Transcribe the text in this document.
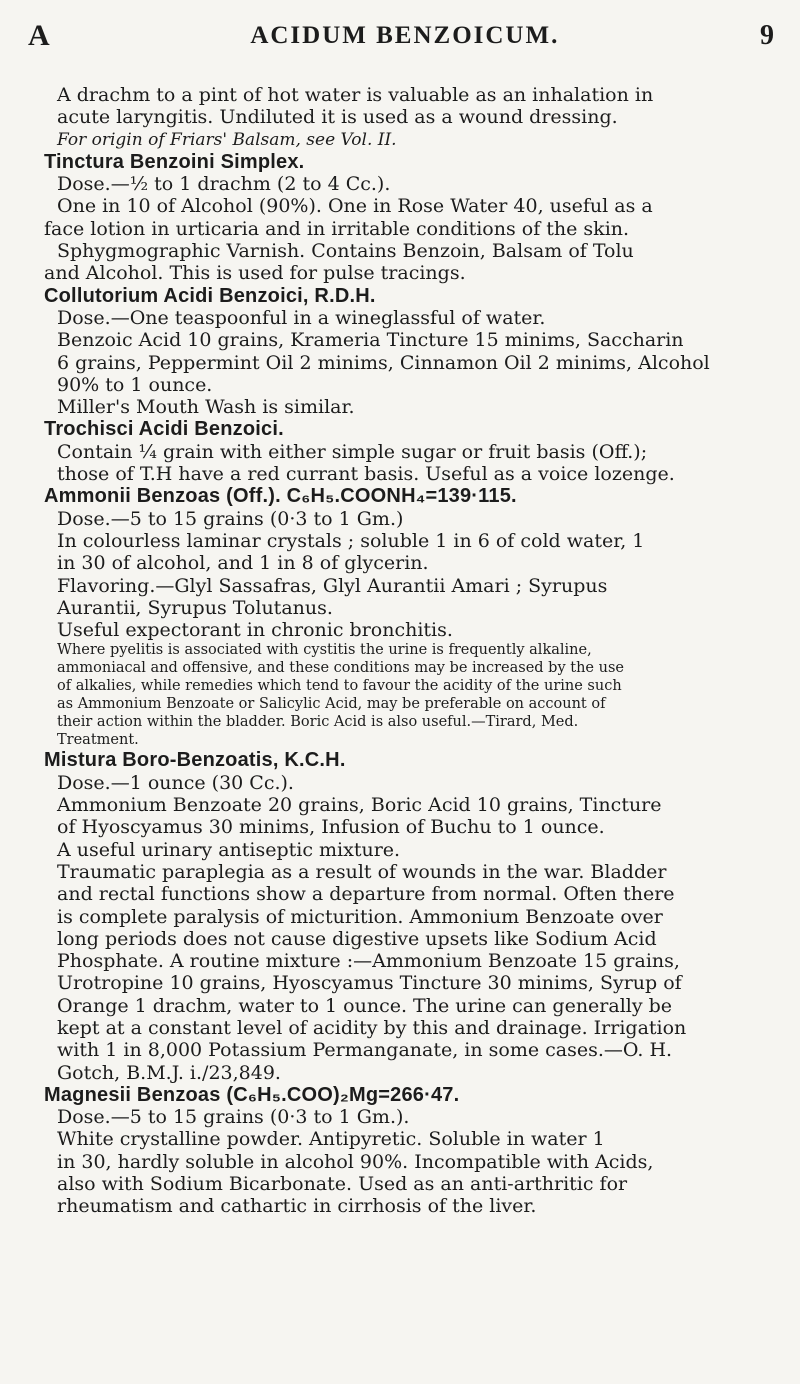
A	ACIDUM BENZOICUM.	9

A drachm to a pint of hot water is valuable as an inhalation in

acute laryngitis. Undiluted it is used as a wound dressing.

For origin of Friars' Balsam, see Vol. II.

Tinctura Benzoini Simplex.

Dose.—½ to 1 drachm (2 to 4 Cc.).

One in 10 of Alcohol (90%). One in Rose Water 40, useful as a

face lotion in urticaria and in irritable conditions of the skin.

Sphygmographic Varnish. Contains Benzoin, Balsam of Tolu

and Alcohol. This is used for pulse tracings.

Collutorium Acidi Benzoici, R.D.H.

Dose.—One teaspoonful in a wineglassful of water.

Benzoic Acid 10 grains, Krameria Tincture 15 minims, Saccharin

6 grains, Peppermint Oil 2 minims, Cinnamon Oil 2 minims, Alcohol

90% to 1 ounce.

Miller's Mouth Wash is similar.

Trochisci Acidi Benzoici.

Contain ¼ grain with either simple sugar or fruit basis (Off.);

those of T.H have a red currant basis. Useful as a voice lozenge.

Ammonii Benzoas (Off.). C₆H₅.COONH₄=139·115.

Dose.—5 to 15 grains (0·3 to 1 Gm.)

In colourless laminar crystals ; soluble 1 in 6 of cold water, 1

in 30 of alcohol, and 1 in 8 of glycerin.

Flavoring.—Glyl Sassafras, Glyl Aurantii Amari ; Syrupus

Aurantii, Syrupus Tolutanus.

Useful expectorant in chronic bronchitis.

Where pyelitis is associated with cystitis the urine is frequently alkaline,

ammoniacal and offensive, and these conditions may be increased by the use

of alkalies, while remedies which tend to favour the acidity of the urine such

as Ammonium Benzoate or Salicylic Acid, may be preferable on account of

their action within the bladder. Boric Acid is also useful.—Tirard, Med.

Treatment.

Mistura Boro-Benzoatis, K.C.H.

Dose.—1 ounce (30 Cc.).

Ammonium Benzoate 20 grains, Boric Acid 10 grains, Tincture

of Hyoscyamus 30 minims, Infusion of Buchu to 1 ounce.

A useful urinary antiseptic mixture.

Traumatic paraplegia as a result of wounds in the war. Bladder

and rectal functions show a departure from normal. Often there

is complete paralysis of micturition. Ammonium Benzoate over

long periods does not cause digestive upsets like Sodium Acid

Phosphate. A routine mixture :—Ammonium Benzoate 15 grains,

Urotropine 10 grains, Hyoscyamus Tincture 30 minims, Syrup of

Orange 1 drachm, water to 1 ounce. The urine can generally be

kept at a constant level of acidity by this and drainage. Irrigation

with 1 in 8,000 Potassium Permanganate, in some cases.—O. H.

Gotch, B.M.J. i./23,849.

Magnesii Benzoas (C₆H₅.COO)₂Mg=266·47.

Dose.—5 to 15 grains (0·3 to 1 Gm.).

White crystalline powder. Antipyretic. Soluble in water 1

in 30, hardly soluble in alcohol 90%. Incompatible with Acids,

also with Sodium Bicarbonate. Used as an anti-arthritic for

rheumatism and cathartic in cirrhosis of the liver.
